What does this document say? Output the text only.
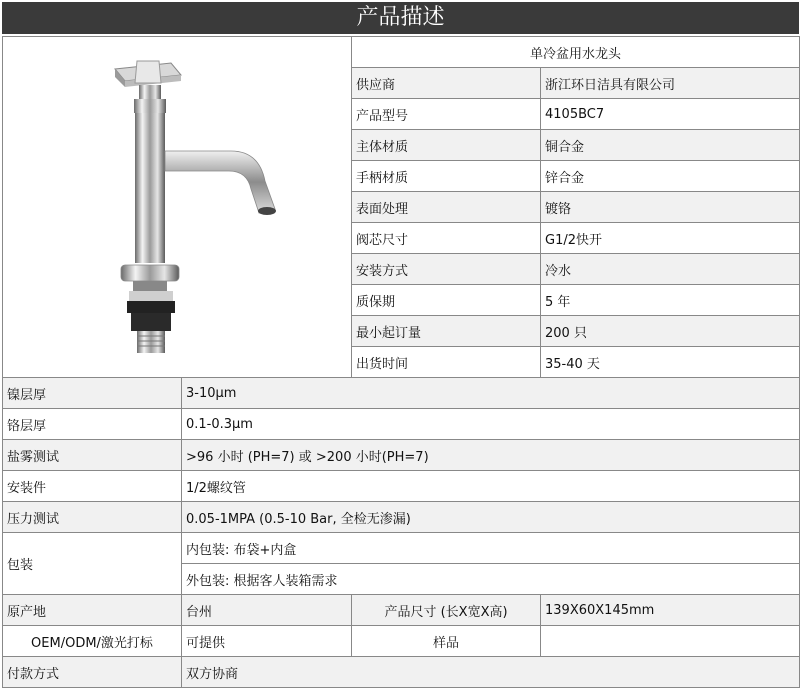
产品描述
	单冷盆用水龙头	
		供应商	浙江环日洁具有限公司
		产品型号	4105BC7
		主体材质	铜合金
		手柄材质	锌合金
		表面处理	镀铬
		阀芯尺寸	G1/2快开
		安装方式	冷水
		质保期	5 年
		最小起订量	200 只
		出货时间	35-40 天
镍层厚	3-10μm		
铬层厚	0.1-0.3μm		
盐雾测试	>96 小时 (PH=7) 或 >200 小时(PH=7)		
安装件	1/2螺纹管		
压力测试	0.05-1MPA (0.5-10 Bar, 全检无渗漏)		
包装	内包装: 布袋+内盒		
	外包装: 根据客人装箱需求		
原产地	台州	产品尺寸 (长X宽X高)	139X60X145mm
OEM/ODM/激光打标	可提供	样品	
付款方式	双方协商		
